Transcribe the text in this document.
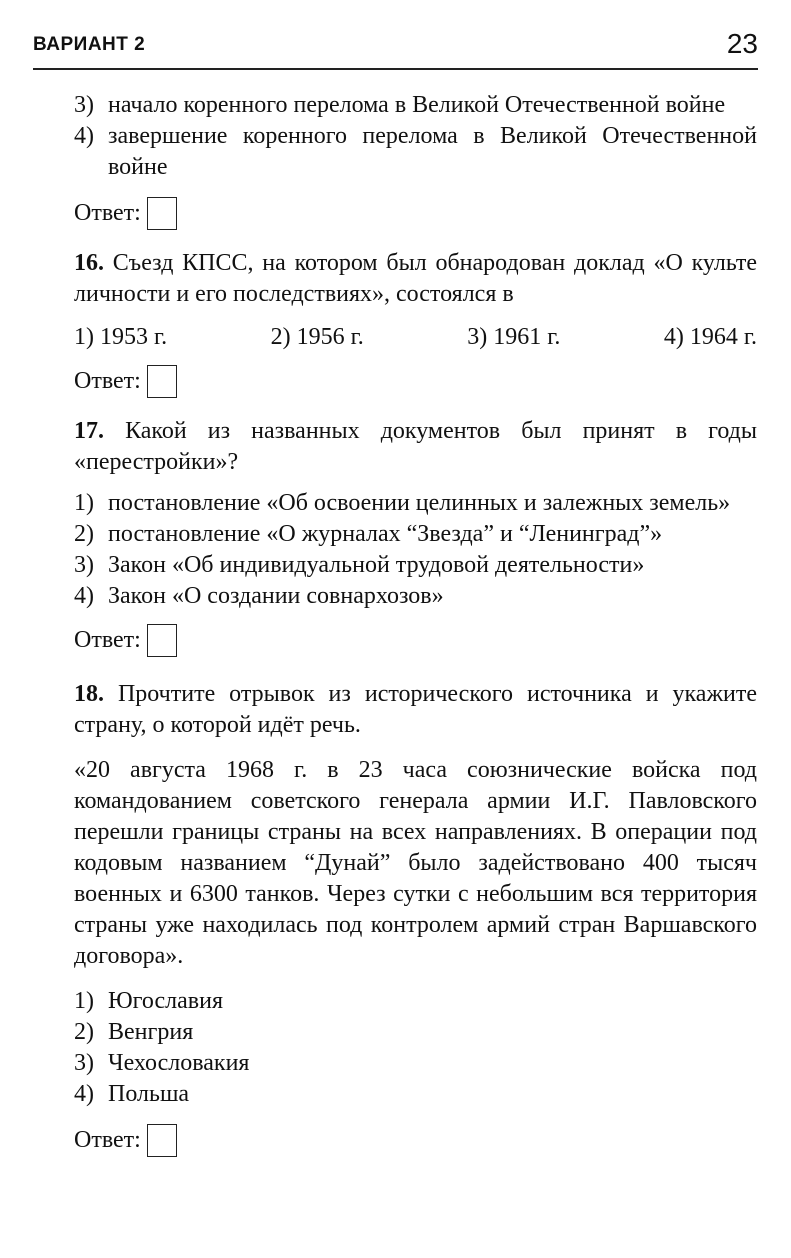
ВАРИАНТ 2	23
3) начало коренного перелома в Великой Отечественной войне
4) завершение коренного перелома в Великой Отечественной войне
Ответ:
16. Съезд КПСС, на котором был обнародован доклад «О культе личности и его последствиях», состоялся в
1) 1953 г.	2) 1956 г.	3) 1961 г.	4) 1964 г.
Ответ:
17. Какой из названных документов был принят в годы «перестройки»?
1) постановление «Об освоении целинных и залежных земель»
2) постановление «О журналах “Звезда” и “Ленинград”»
3) Закон «Об индивидуальной трудовой деятельности»
4) Закон «О создании совнархозов»
Ответ:
18. Прочтите отрывок из исторического источника и укажите страну, о которой идёт речь.
«20 августа 1968 г. в 23 часа союзнические войска под командованием советского генерала армии И.Г. Павловского перешли границы страны на всех направлениях. В операции под кодовым названием “Дунай” было задействовано 400 тысяч военных и 6300 танков. Через сутки с небольшим вся территория страны уже находилась под контролем армий стран Варшавского договора».
1) Югославия
2) Венгрия
3) Чехословакия
4) Польша
Ответ:
